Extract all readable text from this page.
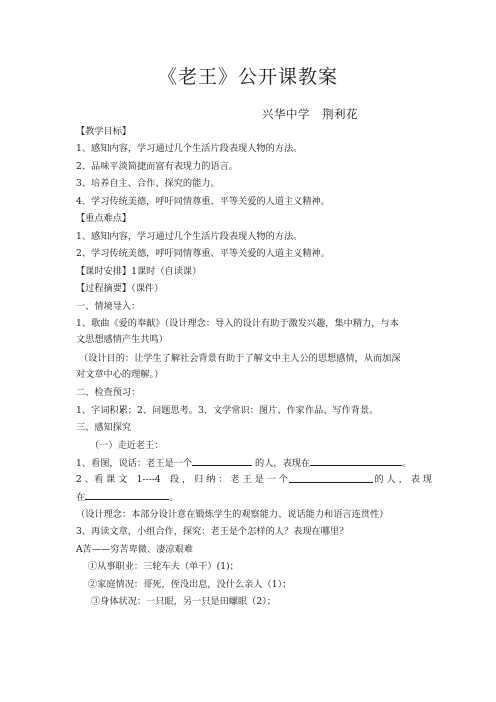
《老王》公开课教案
兴华中学　荆利花
【教学目标】
1、感知内容，学习通过几个生活片段表现人物的方法。
2、品味平淡简捷而富有表现力的语言。
3、培养自主、合作、探究的能力。
4、学习传统美德，呼吁同情尊重、平等关爱的人道主义精神。
【重点难点】
1、感知内容，学习通过几个生活片段表现人物的方法。
2、学习传统美德，呼吁同情尊重、平等关爱的人道主义精神。
【课时安排】1课时（自读课）
【过程摘要】（课件）
一、情境导入：
1、歌曲《爱的奉献》（设计理念：导入的设计有助于激发兴趣，集中精力，与本
文思想感情产生共鸣）
（设计目的：让学生了解社会背景有助于了解文中主人公的思想感情，从而加深
对文章中心的理解。）
二、检查预习：
1、字词积累；2、问题思考。3、文学常识：图片、作家作品、写作背景。
三、感知探究
（一）走近老王：
1、看图，说话：老王是一个	的人，表现在	。
2 、看 课 文　1----4　段 ， 归 纳 ： 老 王 是 一 个	的 人 ， 表 现
在	。
（设计理念：本部分设计意在锻炼学生的观察能力、说话能力和语言连贯性）
3、再读文章，小组合作，探究：老王是个怎样的人？表现在哪里？
A苦——穷苦卑微、凄凉艰难
①从事职业：三轮车夫（单干）(1)；
②家庭情况：哥死，侄没出息，没什么亲人（1）；
③身体状况：一只眼，另一只是田螺眼（2）；
